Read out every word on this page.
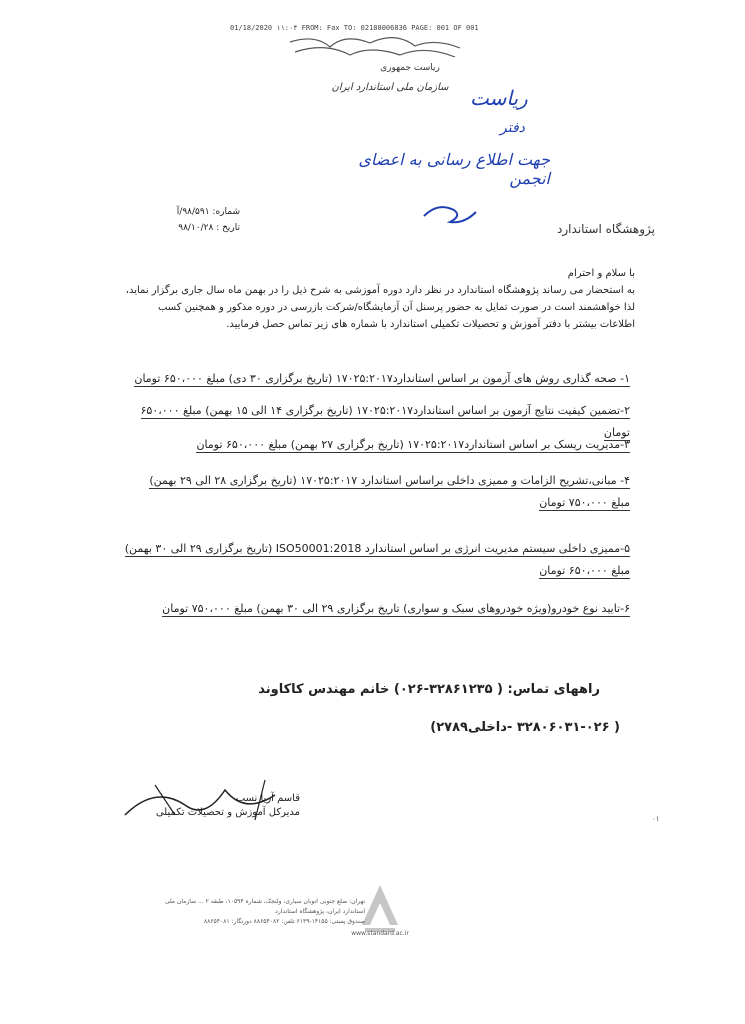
01/18/2020 ۱۱:۰۴ FROM: Fax TO: 02188006836 PAGE: 001 OF 001
ریاست جمهوری
سازمان ملی استاندارد ایران ریاست
دفتر
جهت اطلاع رسانی به اعضای انجمن
شماره: ۹۸/۵۹۱/آ
تاریخ : ۹۸/۱۰/۲۸	پژوهشگاه استاندارد
با سلام و احترام
به استحضار می رساند پژوهشگاه استاندارد در نظر دارد دوره آموزشی به شرح ذیل را در بهمن ماه سال جاری برگزار نماید، لذا خواهشمند است در صورت تمایل به حضور پرسنل آن آزمایشگاه/شرکت بازرسی در دوره مذکور و همچنین کسب اطلاعات بیشتر با دفتر آموزش و تحصیلات تکمیلی استاندارد با شماره های زیر تماس حصل فرمایید.
۱- صحه گذاری روش های آزمون بر اساس استاندارد۱۷۰۲۵:۲۰۱۷ (تاریخ برگزاری ۳۰ دی) مبلغ ۶۵۰،۰۰۰ تومان
۲-تضمین کیفیت نتایج آزمون بر اساس استاندارد۱۷۰۲۵:۲۰۱۷ (تاریخ برگزاری ۱۴ الی ۱۵ بهمن) مبلغ ۶۵۰،۰۰۰ تومان
۳-مدیریت ریسک بر اساس استاندارد۱۷۰۲۵:۲۰۱۷ (تاریخ برگزاری ۲۷ بهمن) مبلغ ۶۵۰،۰۰۰ تومان
۴- مبانی،تشریح الزامات و ممیزی داخلی براساس استاندارد ۱۷۰۲۵:۲۰۱۷ (تاریخ برگزاری ۲۸ الی ۲۹ بهمن)
مبلغ ۷۵۰،۰۰۰ تومان
۵-ممیزی داخلی سیستم مدیریت انرژی بر اساس استاندارد ISO50001:2018 (تاریخ برگزاری ۲۹ الی ۳۰ بهمن)
مبلغ ۶۵۰،۰۰۰ تومان
۶-تایید نوع خودرو(ویژه خودروهای سبک و سواری) تاریخ برگزاری ۲۹ الی ۳۰ بهمن) مبلغ ۷۵۰،۰۰۰ تومان
راههای تماس: ( ۳۲۸۶۱۲۳۵-۰۲۶) خانم مهندس کاکاوند
( ۳۲۸۰۶۰۳۱-۰۲۶ -داخلی۲۷۸۹)
قاسم آریا نسب
مدیرکل آموزش و تحصیلات تکمیلی
۰۱
تهران: ضلع جنوبی اتوبان سیاری، ولنجک، شماره ۱۰۵۹۴، طبقه ۲ ... سازمان ملی استاندارد ایران، پژوهشگاه استاندارد
صندوق پستی: ۱۴۱۵۵-۶۱۳۹ تلفن: ۸۸۶۵۴۰۸۲ دورنگار: ۸۸۶۵۴۰۸۱
www.standard.ac.ir
